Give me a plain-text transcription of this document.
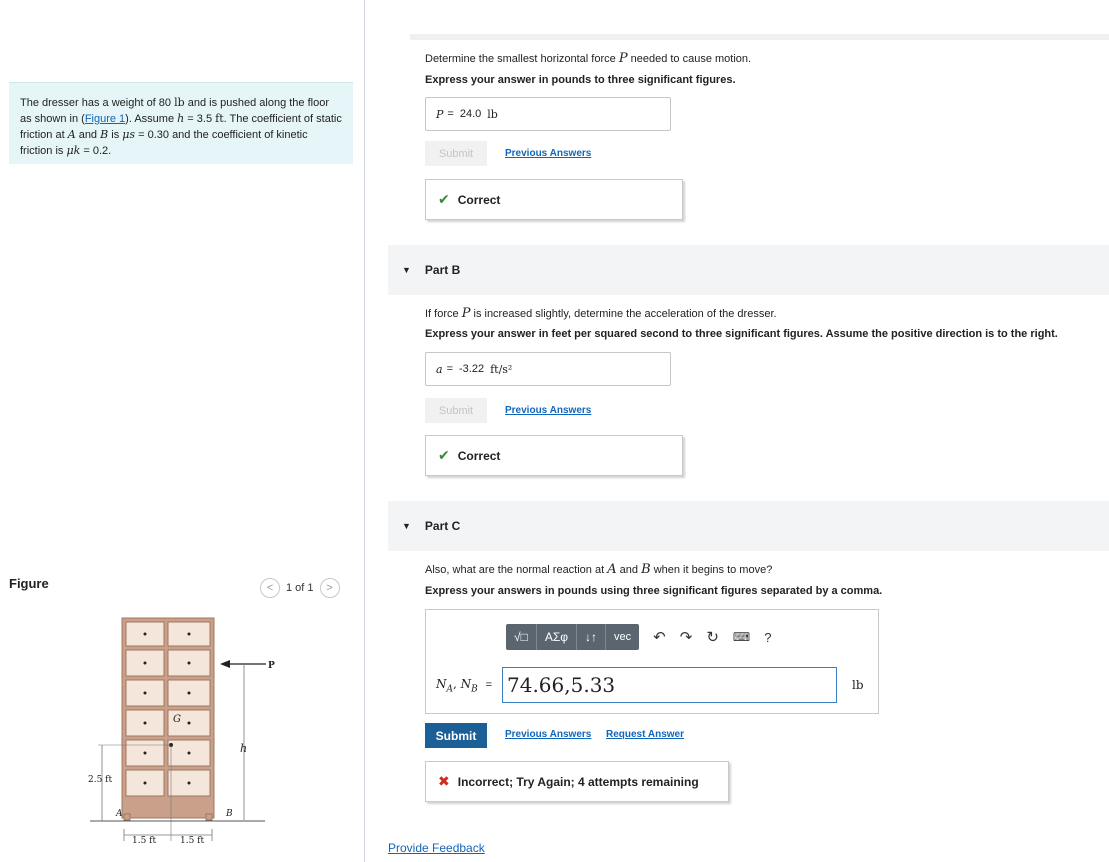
The dresser has a weight of 80 lb and is pushed along the floor as shown in (Figure 1). Assume h = 3.5 ft. The coefficient of static friction at A and B is μs = 0.30 and the coefficient of kinetic friction is μk = 0.2.
Figure	<	1 of 1	>
G
P
h
2.5 ft
A	B
1.5 ft	1.5 ft
Determine the smallest horizontal force P needed to cause motion.
Express your answer in pounds to three significant figures.
P = 24.0 lb
Submit	Previous Answers
✔ Correct
▼ Part B
If force P is increased slightly, determine the acceleration of the dresser.
Express your answer in feet per squared second to three significant figures. Assume the positive direction is to the right.
a = -3.22 ft/s²
Submit	Previous Answers
✔ Correct
▼ Part C
Also, what are the normal reaction at A and B when it begins to move?
Express your answers in pounds using three significant figures separated by a comma.
√□	ΑΣφ	↓↑	vec	↶ ↷ ↻ ⌨ ?
$N_A$, $N_B = 74.66,5.33$	lb
Submit	Previous Answers Request Answer
✖ Incorrect; Try Again; 4 attempts remaining
Provide Feedback
